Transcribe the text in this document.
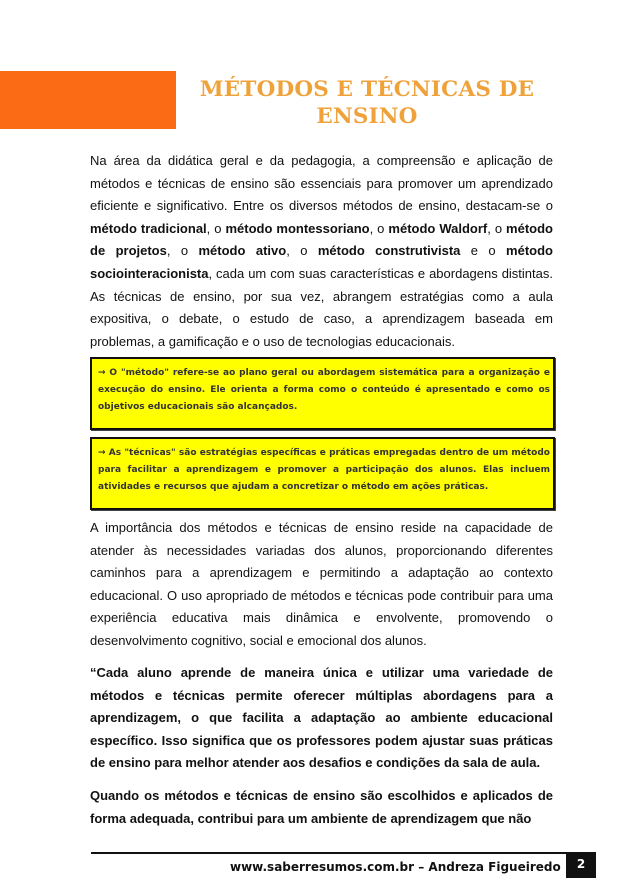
MÉTODOS E TÉCNICAS DE
ENSINO

Na área da didática geral e da pedagogia, a compreensão e aplicação de métodos e técnicas de ensino são essenciais para promover um aprendizado eficiente e significativo. Entre os diversos métodos de ensino, destacam-se o método tradicional, o método montessoriano, o método Waldorf, o método de projetos, o método ativo, o método construtivista e o método sociointeracionista, cada um com suas características e abordagens distintas. As técnicas de ensino, por sua vez, abrangem estratégias como a aula expositiva, o debate, o estudo de caso, a aprendizagem baseada em problemas, a gamificação e o uso de tecnologias educacionais.

→ O "método" refere-se ao plano geral ou abordagem sistemática para a organização e execução do ensino. Ele orienta a forma como o conteúdo é apresentado e como os objetivos educacionais são alcançados.
→ As "técnicas" são estratégias específicas e práticas empregadas dentro de um método para facilitar a aprendizagem e promover a participação dos alunos. Elas incluem atividades e recursos que ajudam a concretizar o método em ações práticas.

A importância dos métodos e técnicas de ensino reside na capacidade de atender às necessidades variadas dos alunos, proporcionando diferentes caminhos para a aprendizagem e permitindo a adaptação ao contexto educacional. O uso apropriado de métodos e técnicas pode contribuir para uma experiência educativa mais dinâmica e envolvente, promovendo o desenvolvimento cognitivo, social e emocional dos alunos.

“Cada aluno aprende de maneira única e utilizar uma variedade de métodos e técnicas permite oferecer múltiplas abordagens para a aprendizagem, o que facilita a adaptação ao ambiente educacional específico. Isso significa que os professores podem ajustar suas práticas de ensino para melhor atender aos desafios e condições da sala de aula.

Quando os métodos e técnicas de ensino são escolhidos e aplicados de forma adequada, contribui para um ambiente de aprendizagem que não

www.saberresumos.com.br – Andreza Figueiredo	2
